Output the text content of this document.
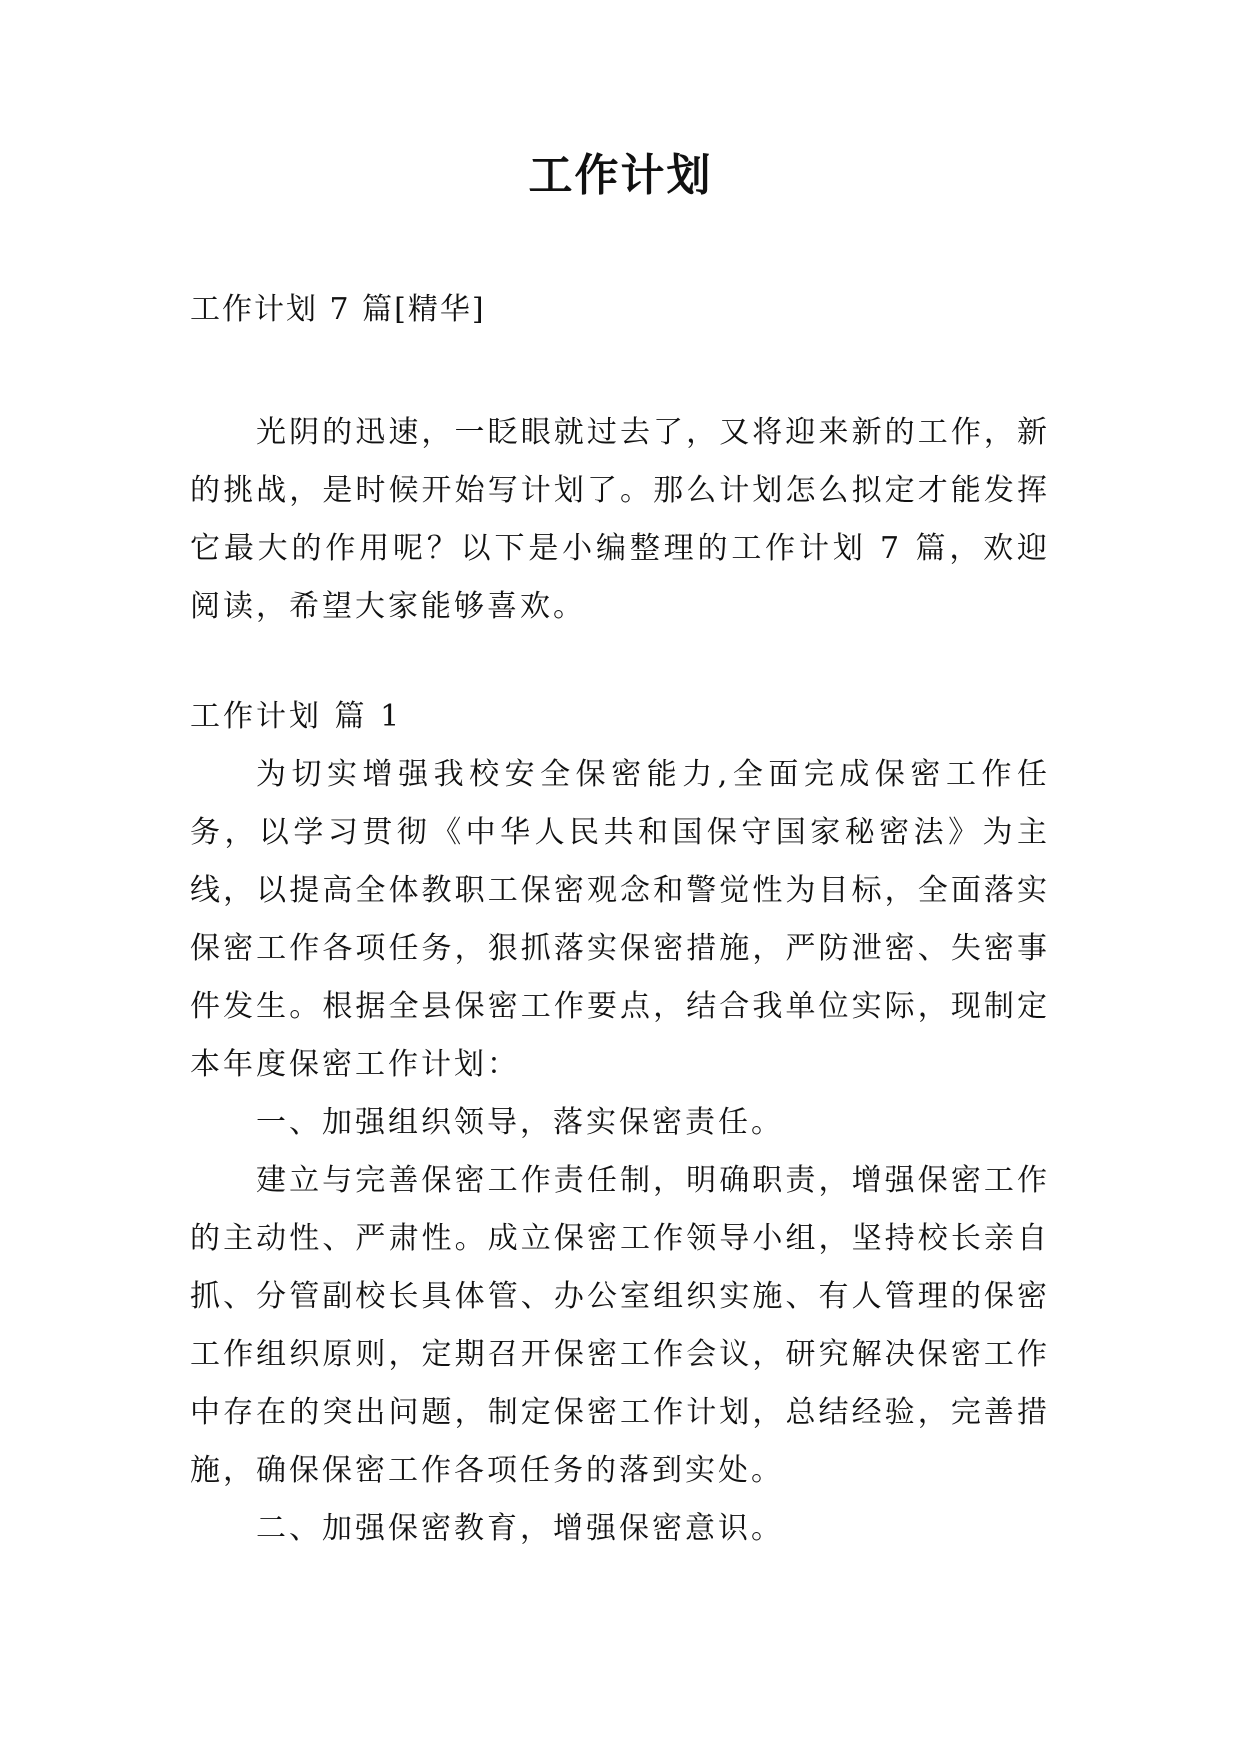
工作计划
工作计划 7 篇[精华]

光阴的迅速，一眨眼就过去了，又将迎来新的工作，新的挑战，是时候开始写计划了。那么计划怎么拟定才能发挥它最大的作用呢？以下是小编整理的工作计划 7 篇，欢迎阅读，希望大家能够喜欢。

工作计划 篇 1

为切实增强我校安全保密能力,全面完成保密工作任务，以学习贯彻《中华人民共和国保守国家秘密法》为主线，以提高全体教职工保密观念和警觉性为目标，全面落实保密工作各项任务，狠抓落实保密措施，严防泄密、失密事件发生。根据全县保密工作要点，结合我单位实际，现制定本年度保密工作计划：

一、加强组织领导，落实保密责任。

建立与完善保密工作责任制，明确职责，增强保密工作的主动性、严肃性。成立保密工作领导小组，坚持校长亲自抓、分管副校长具体管、办公室组织实施、有人管理的保密工作组织原则，定期召开保密工作会议，研究解决保密工作中存在的突出问题，制定保密工作计划，总结经验，完善措施，确保保密工作各项任务的落到实处。

二、加强保密教育，增强保密意识。
